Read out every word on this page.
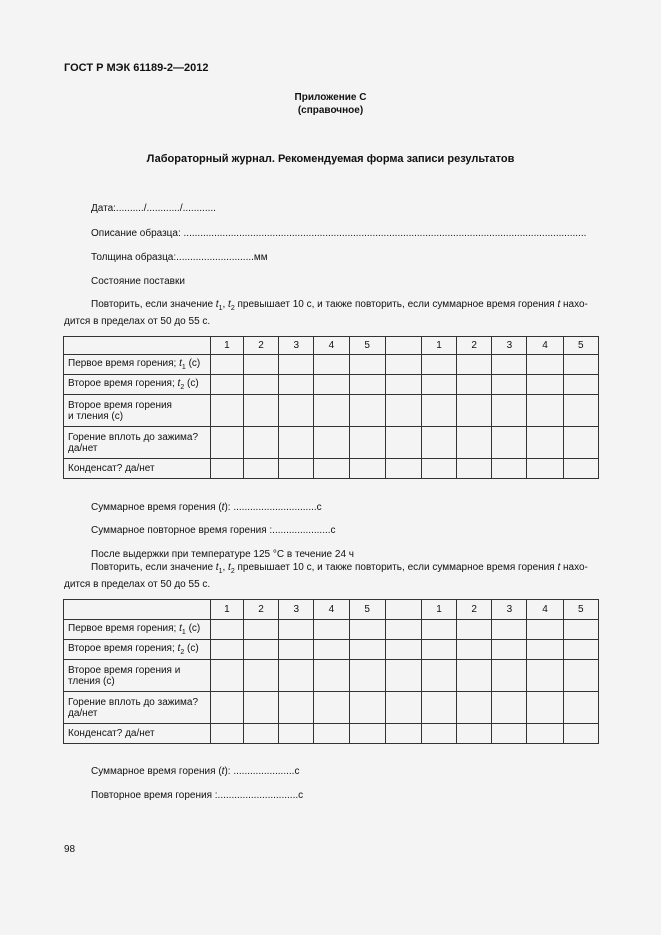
ГОСТ Р МЭК 61189-2—2012
Приложение С
(справочное)
Лабораторный журнал. Рекомендуемая форма записи результатов
Дата:........../............/............
Описание образца: .................................................................................................................................................
Толщина образца:............................мм
Состояние поставки
Повторить, если значение $t_1$, $t_2$ превышает 10 с, и также повторить, если суммарное время горения t нахо-
дится в пределах от 50 до 55 с.
	1	2	3	4	5		1	2	3	4	5
Первое время горения; $t_1$ (с)											
Второе время горения; $t_2$ (с)											

Второе время горения
и тления (с)											

Горение вплоть до зажима?
да/нет											

Конденсат? да/нет											
Суммарное время горения (t): ..............................с
Суммарное повторное время горения :.....................с
После выдержки при температуре 125 °С в течение 24 ч
Повторить, если значение $t_1$, $t_2$ превышает 10 с, и также повторить, если суммарное время горения t нахо-
дится в пределах от 50 до 55 с.
	1	2	3	4	5		1	2	3	4	5
Первое время горения; $t_1$ (с)											
Второе время горения; $t_2$ (с)											

Второе время горения и
тления (с)											

Горение вплоть до зажима?
да/нет											

Конденсат? да/нет											
Суммарное время горения (t): ......................с
Повторное время горения :.............................с
98
